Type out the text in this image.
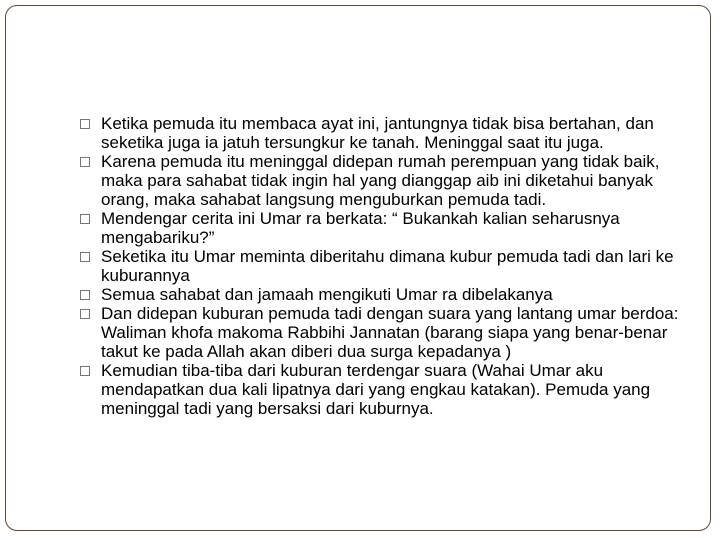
Ketika pemuda itu membaca ayat ini, jantungnya tidak bisa bertahan, dan seketika juga ia jatuh tersungkur ke tanah. Meninggal saat itu juga.
Karena pemuda itu meninggal didepan rumah perempuan yang tidak baik, maka para sahabat tidak ingin hal yang dianggap aib ini diketahui banyak orang, maka sahabat langsung menguburkan pemuda tadi.
Mendengar cerita ini Umar ra berkata: “ Bukankah kalian seharusnya mengabariku?”
Seketika itu Umar meminta diberitahu dimana kubur pemuda tadi dan lari ke kuburannya
Semua sahabat dan jamaah mengikuti Umar ra dibelakanya
Dan didepan kuburan pemuda tadi dengan suara yang lantang umar berdoa: Waliman khofa makoma Rabbihi Jannatan (barang siapa yang benar-benar takut ke pada Allah akan diberi dua surga kepadanya )
Kemudian tiba-tiba dari kuburan terdengar suara (Wahai Umar aku mendapatkan dua kali lipatnya dari yang engkau katakan). Pemuda yang meninggal tadi yang bersaksi dari kuburnya.
